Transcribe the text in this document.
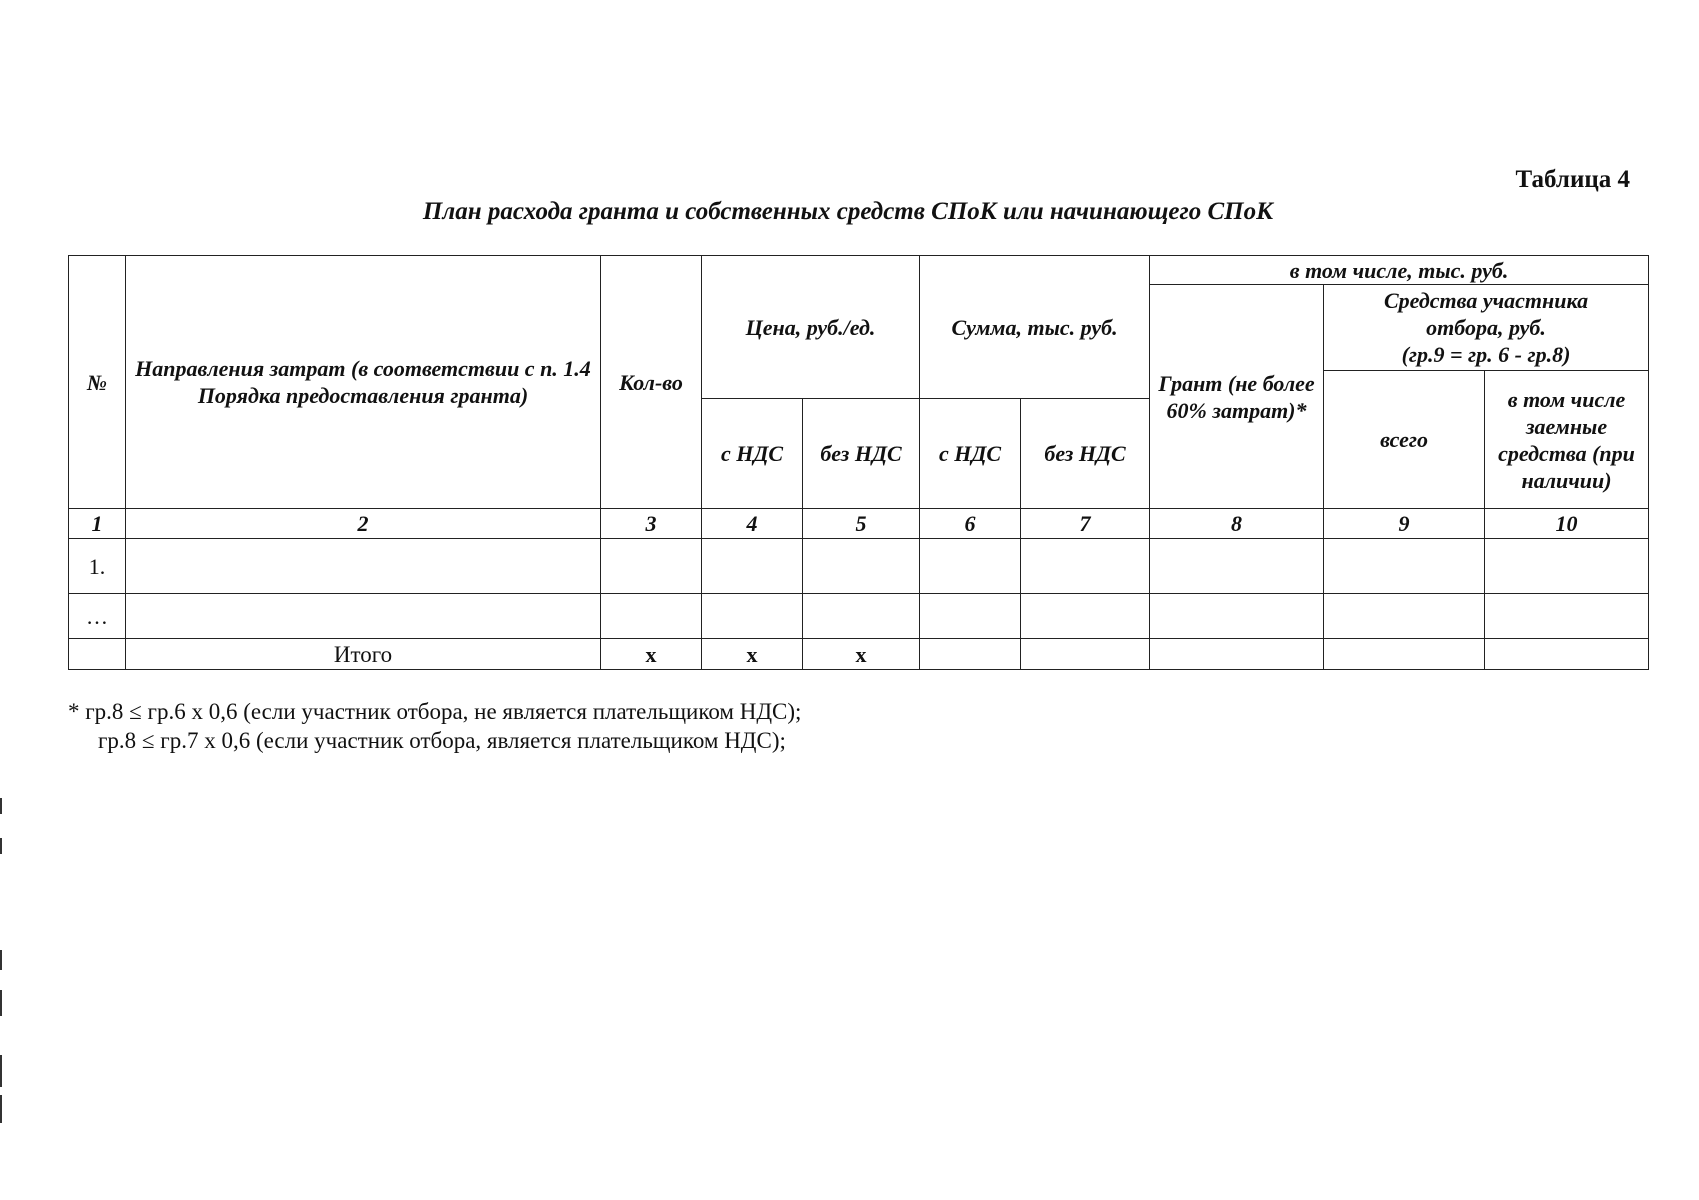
Таблица 4
План расхода гранта и собственных средств СПоК или начинающего СПоК
№	Направления затрат (в соответствии с п. 1.4 Порядка предоставления гранта)	Кол-во	Цена, руб./ед.		Сумма, тыс. руб.		в том числе, тыс. руб.		
							Грант (не более 60% затрат)*	Средства участника
отбора, руб.
(гр.9 = гр. 6 - гр.8)	

								всего	в том числе заемные средства (при наличии)
			с НДС	без НДС	с НДС	без НДС			
1	2	3	4	5	6	7	8	9	10
1.									
…									
	Итого	x	x	x					
* гр.8 ≤ гр.6 х 0,6 (если участник отбора, не является плательщиком НДС);
гр.8 ≤ гр.7 х 0,6 (если участник отбора, является плательщиком НДС);
